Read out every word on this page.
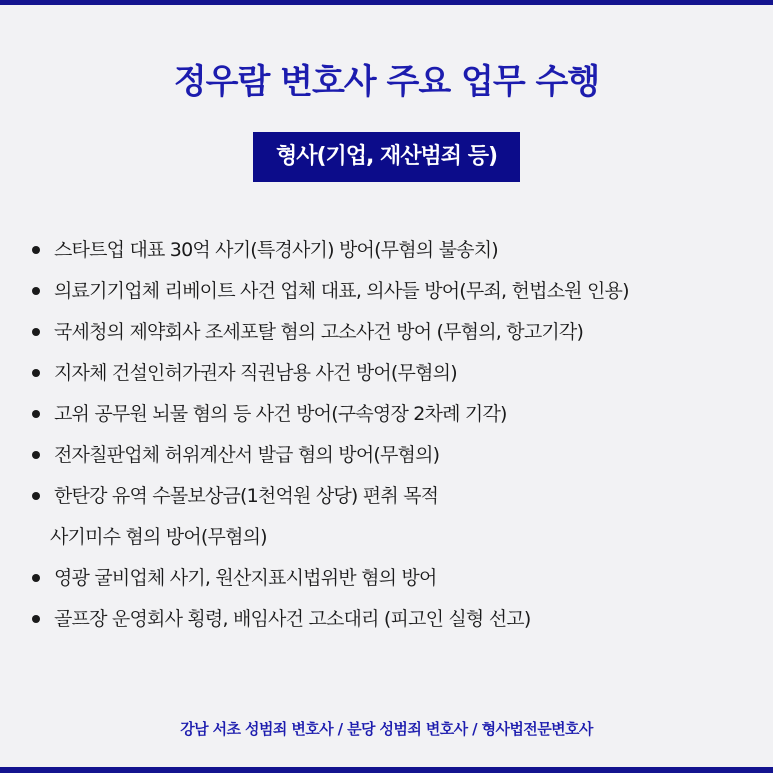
정우람 변호사 주요 업무 수행
형사(기업, 재산범죄 등)
스타트업 대표 30억 사기(특경사기) 방어(무혐의 불송치)
의료기기업체 리베이트 사건 업체 대표, 의사들 방어(무죄, 헌법소원 인용)
국세청의 제약회사 조세포탈 혐의 고소사건 방어 (무혐의, 항고기각)
지자체 건설인허가권자 직권남용 사건 방어(무혐의)
고위 공무원 뇌물 혐의 등 사건 방어(구속영장 2차례 기각)
전자칠판업체 허위계산서 발급 혐의 방어(무혐의)
한탄강 유역 수몰보상금(1천억원 상당) 편취 목적
사기미수 혐의 방어(무혐의)
영광 굴비업체 사기, 원산지표시법위반 혐의 방어
골프장 운영회사 횡령, 배임사건 고소대리 (피고인 실형 선고)

강남 서초 성범죄 변호사 / 분당 성범죄 변호사 / 형사법전문변호사
